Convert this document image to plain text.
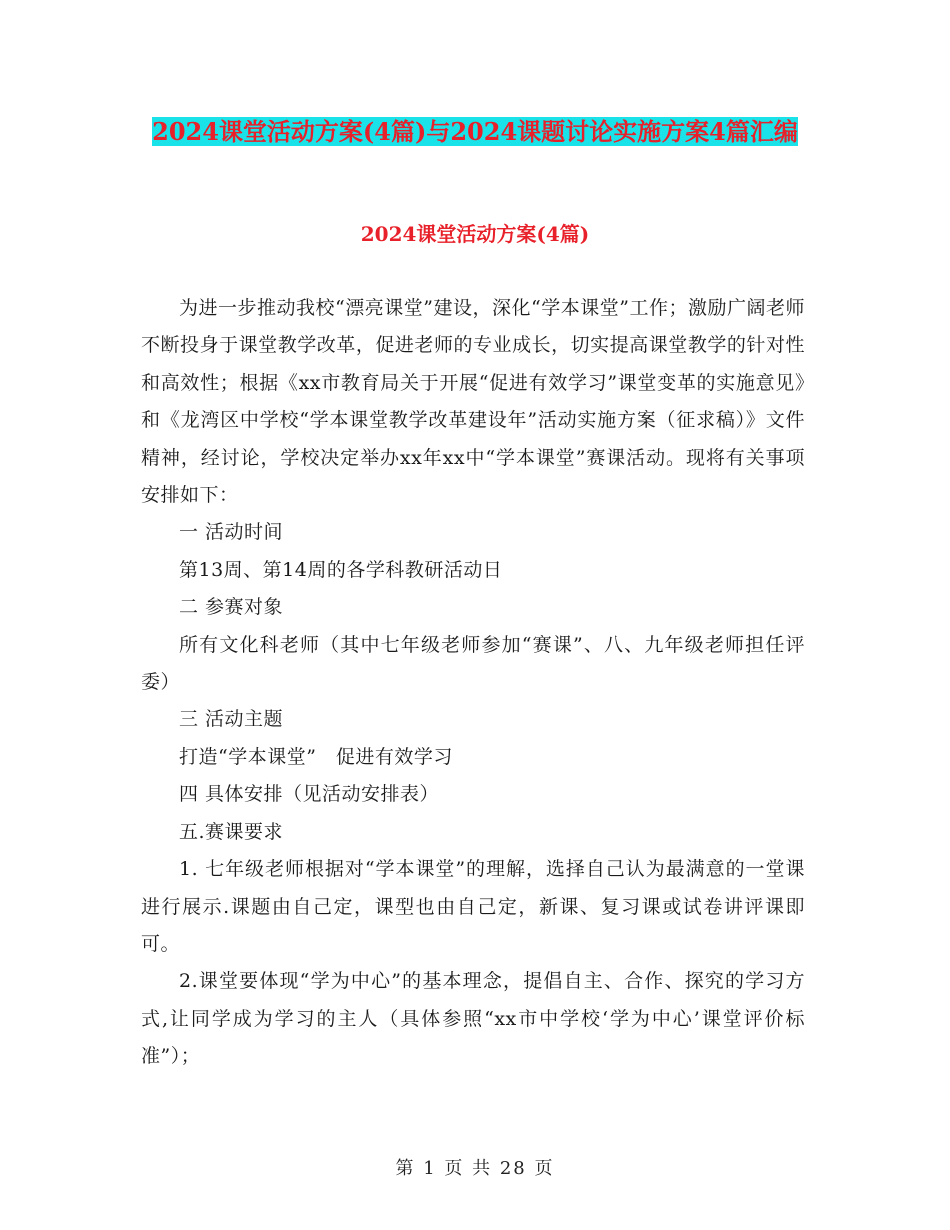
2024课堂活动方案(4篇)与2024课题讨论实施方案4篇汇编
2024课堂活动方案(4篇)

为进一步推动我校“漂亮课堂”建设，深化“学本课堂”工作；激励广阔老师不断投身于课堂教学改革，促进老师的专业成长，切实提高课堂教学的针对性和高效性；根据《xx市教育局关于开展“促进有效学习”课堂变革的实施意见》和《龙湾区中学校“学本课堂教学改革建设年”活动实施方案（征求稿）》文件精神，经讨论，学校决定举办xx年xx中“学本课堂”赛课活动。现将有关事项安排如下：

一 活动时间

第13周、第14周的各学科教研活动日

二 参赛对象

所有文化科老师（其中七年级老师参加“赛课”、八、九年级老师担任评委）

三 活动主题

打造“学本课堂”　促进有效学习

四 具体安排（见活动安排表）

五.赛课要求

1. 七年级老师根据对“学本课堂”的理解，选择自己认为最满意的一堂课进行展示.课题由自己定，课型也由自己定，新课、复习课或试卷讲评课即可。

2.课堂要体现“学为中心”的基本理念，提倡自主、合作、探究的学习方式,让同学成为学习的主人（具体参照“xx市中学校‘学为中心’课堂评价标准”）；

第 1 页 共 28 页
